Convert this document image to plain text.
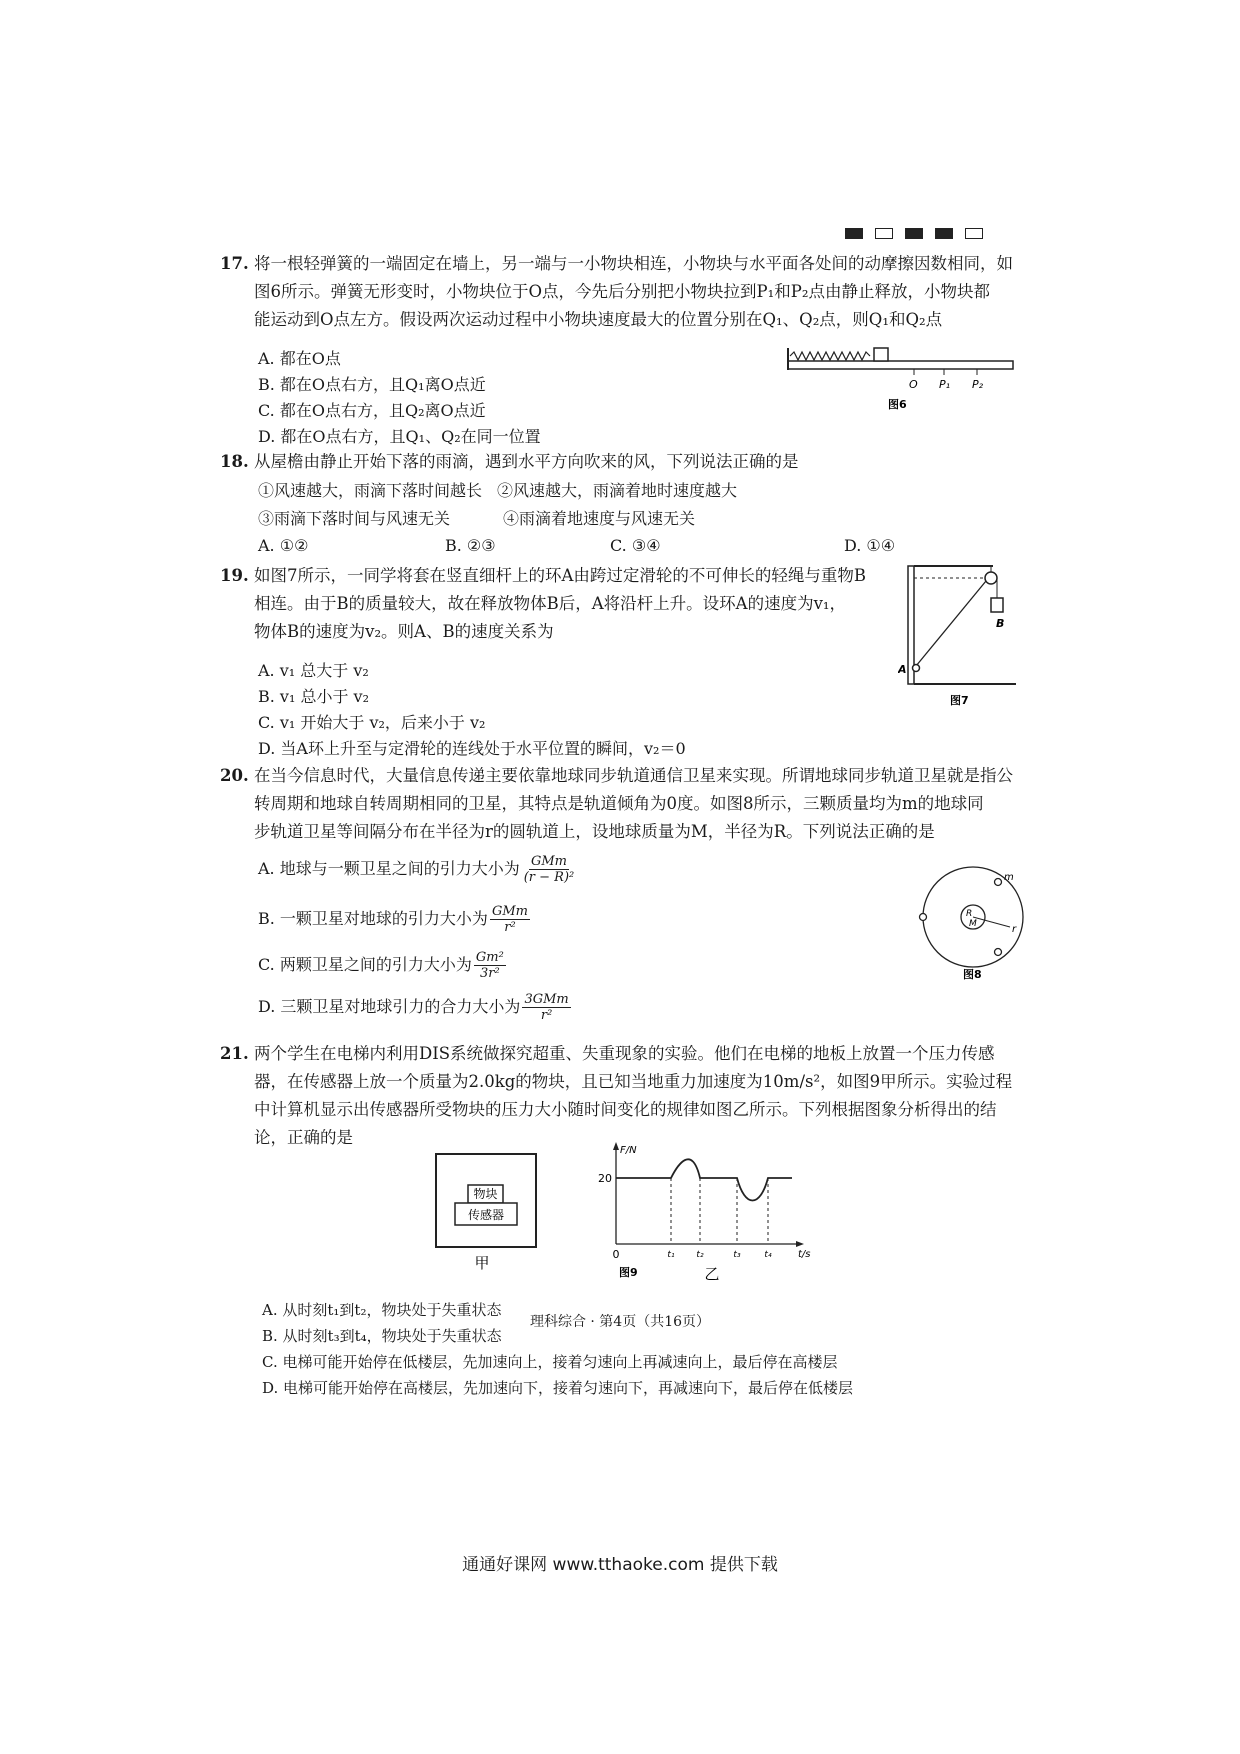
17. 将一根轻弹簧的一端固定在墙上，另一端与一小物块相连，小物块与水平面各处间的动摩擦因数相同，如
图6所示。弹簧无形变时，小物块位于O点，今先后分别把小物块拉到P₁和P₂点由静止释放，小物块都
能运动到O点左方。假设两次运动过程中小物块速度最大的位置分别在Q₁、Q₂点，则Q₁和Q₂点
A. 都在O点
B. 都在O点右方，且Q₁离O点近
C. 都在O点右方，且Q₂离O点近
D. 都在O点右方，且Q₁、Q₂在同一位置
O P₁ P₂
图6
18. 从屋檐由静止开始下落的雨滴，遇到水平方向吹来的风，下列说法正确的是
①风速越大，雨滴下落时间越长 ②风速越大，雨滴着地时速度越大
③雨滴下落时间与风速无关	④雨滴着地速度与风速无关
A. ①②	B. ②③	C. ③④	D. ①④
19. 如图7所示，一同学将套在竖直细杆上的环A由跨过定滑轮的不可伸长的轻绳与重物B
相连。由于B的质量较大，故在释放物体B后，A将沿杆上升。设环A的速度为v₁，
物体B的速度为v₂。则A、B的速度关系为
A. v₁ 总大于 v₂
B. v₁ 总小于 v₂
C. v₁ 开始大于 v₂，后来小于 v₂
D. 当A环上升至与定滑轮的连线处于水平位置的瞬间，v₂＝0
B
A
图7
20. 在当今信息时代，大量信息传递主要依靠地球同步轨道通信卫星来实现。所谓地球同步轨道卫星就是指公
转周期和地球自转周期相同的卫星，其特点是轨道倾角为0度。如图8所示，三颗质量均为m的地球同
步轨道卫星等间隔分布在半径为r的圆轨道上，设地球质量为M，半径为R。下列说法正确的是
A. 地球与一颗卫星之间的引力大小为 $\frac{\text{GMm}}{\text{(r − R)²}}$
B. 一颗卫星对地球的引力大小为 $\frac{\text{GMm}}{\text{r²}}$
C. 两颗卫星之间的引力大小为 $\frac{\text{Gm²}}{\text{3r²}}$
D. 三颗卫星对地球引力的合力大小为 $\frac{\text{3GMm}}{\text{r²}}$
m
R
M	r
图8
21. 两个学生在电梯内利用DIS系统做探究超重、失重现象的实验。他们在电梯的地板上放置一个压力传感
器，在传感器上放一个质量为2.0kg的物块，且已知当地重力加速度为10m/s²，如图9甲所示。实验过程
中计算机显示出传感器所受物块的压力大小随时间变化的规律如图乙所示。下列根据图象分析得出的结
论，正确的是
物块
传感器
甲
图9
F/N
t/s
0
20
t₁ t₂	t₃	t₄
乙
A. 从时刻t₁到t₂，物块处于失重状态
B. 从时刻t₃到t₄，物块处于失重状态
C. 电梯可能开始停在低楼层，先加速向上，接着匀速向上再减速向上，最后停在高楼层
D. 电梯可能开始停在高楼层，先加速向下，接着匀速向下，再减速向下，最后停在低楼层
理科综合 · 第4页（共16页）
通通好课网 www.tthaoke.com 提供下载
